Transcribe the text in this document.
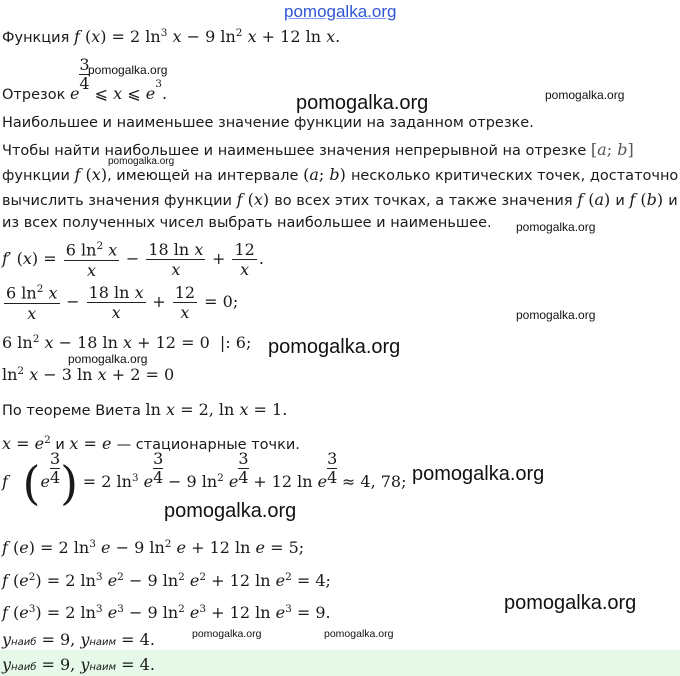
pomogalka.org
Функция f (x) = 2 $\ln^3 x - 9$ $\ln^2 x + 12$ ln x.
Отрезок e
$\frac{3}{4}$
⩽ x ⩽ $e_3$.
Наибольшее и наименьшее значение функции на заданном отрезке.
Чтобы найти наибольшее и наименьшее значения непрерывной на отрезке [a; b]
функции f (x), имеющей на интервале (a; b) несколько критических точек, достаточно
вычислить значения функции f (x) во всех этих точках, а также значения f (a) и f (b) и
из всех полученных чисел выбрать наибольшее и наименьшее.
f′ $(x) = \frac{6 \ln^2 x}{x} - \frac{\text{18 ln x}}{x} + \frac{12}{x}$ .
$\frac{6 \ln^2 x}{x} - \frac{\text{18 ln x}}{x} + \frac{12}{x} = 0$;
6 $\ln^2 x - 18$ ln x + 12 = 0  |: 6;
$\ln^2 x - 3$ ln x + 2 = 0
По теореме Виета ln x = 2, ln x = 1.
$x = e^2$ и x = e — стационарные точки.
f ($e \frac{3}{4}$ ) = 2 $\ln^3 e \frac{3}{4} - 9$ $\ln^2 e \frac{3}{4} + 12$ ln e $\frac{3}{4} \approx 4$, 78;
f (e) = 2 $\ln^3 e - 9$ $\ln^2 e + 12$ ln e = 5;
f $(e^2) = 2$ $\ln^3 e^2 - 9$ $\ln^2 e^2 + 12$ $\ln e^2 = 4$;
f $(e^3) = 2$ $\ln^3 e^3 - 9$ $\ln^2 e^3 + 12$ $\ln e^3 = 9$.
yнаиб = 9, yнаим = 4.
yнаиб = 9, yнаим = 4.
pomogalka.org
pomogalka.org	pomogalka.org
pomogalka.org
pomogalka.org
pomogalka.org
pomogalka.org
pomogalka.org
pomogalka.org
pomogalka.org
pomogalka.org
pomogalka.org	pomogalka.org
